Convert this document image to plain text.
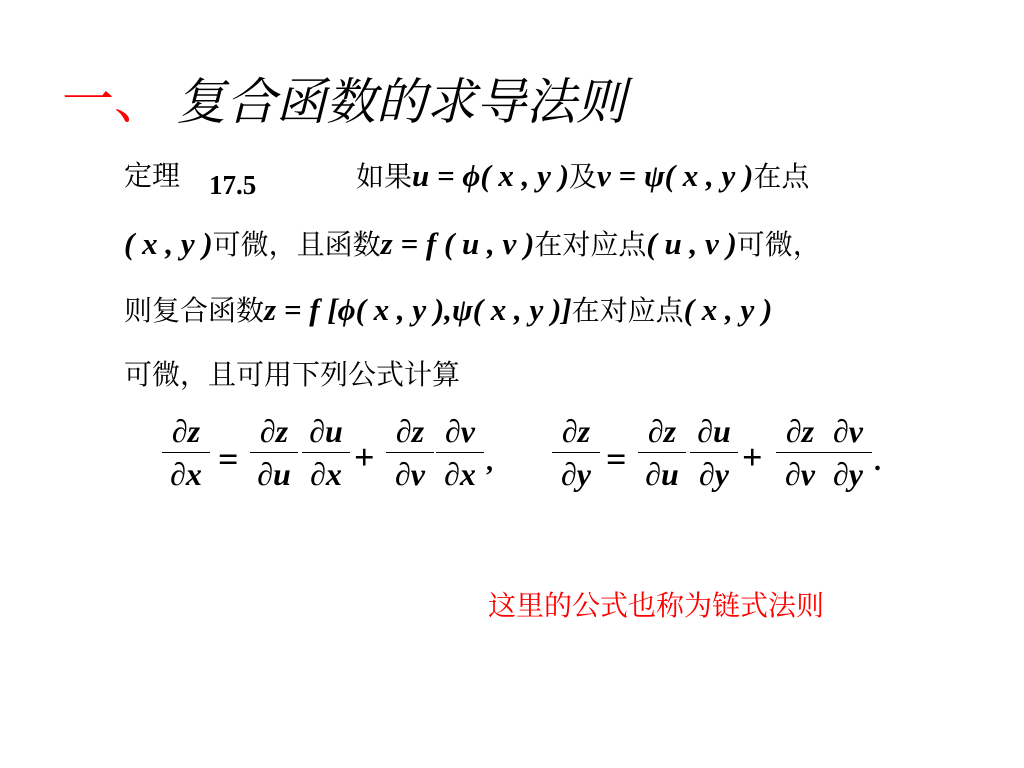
一、 复合函数的求导法则
定理 17.5	如果u = ϕ( x , y )及v = ψ( x , y )在点
( x , y )可微，且函数z = f ( u , v )在对应点( u , v )可微，
则复合函数z = f [ϕ( x , y ),ψ( x , y )]在对应点( x , y )
可微，且可用下列公式计算
∂z
∂x =
∂z
∂u
∂u
∂x +
∂z
∂v
∂v
∂x ,
∂z
∂y =
∂z
∂u
∂u
∂y +
∂z
∂v
∂v
∂y .
这里的公式也称为链式法则
